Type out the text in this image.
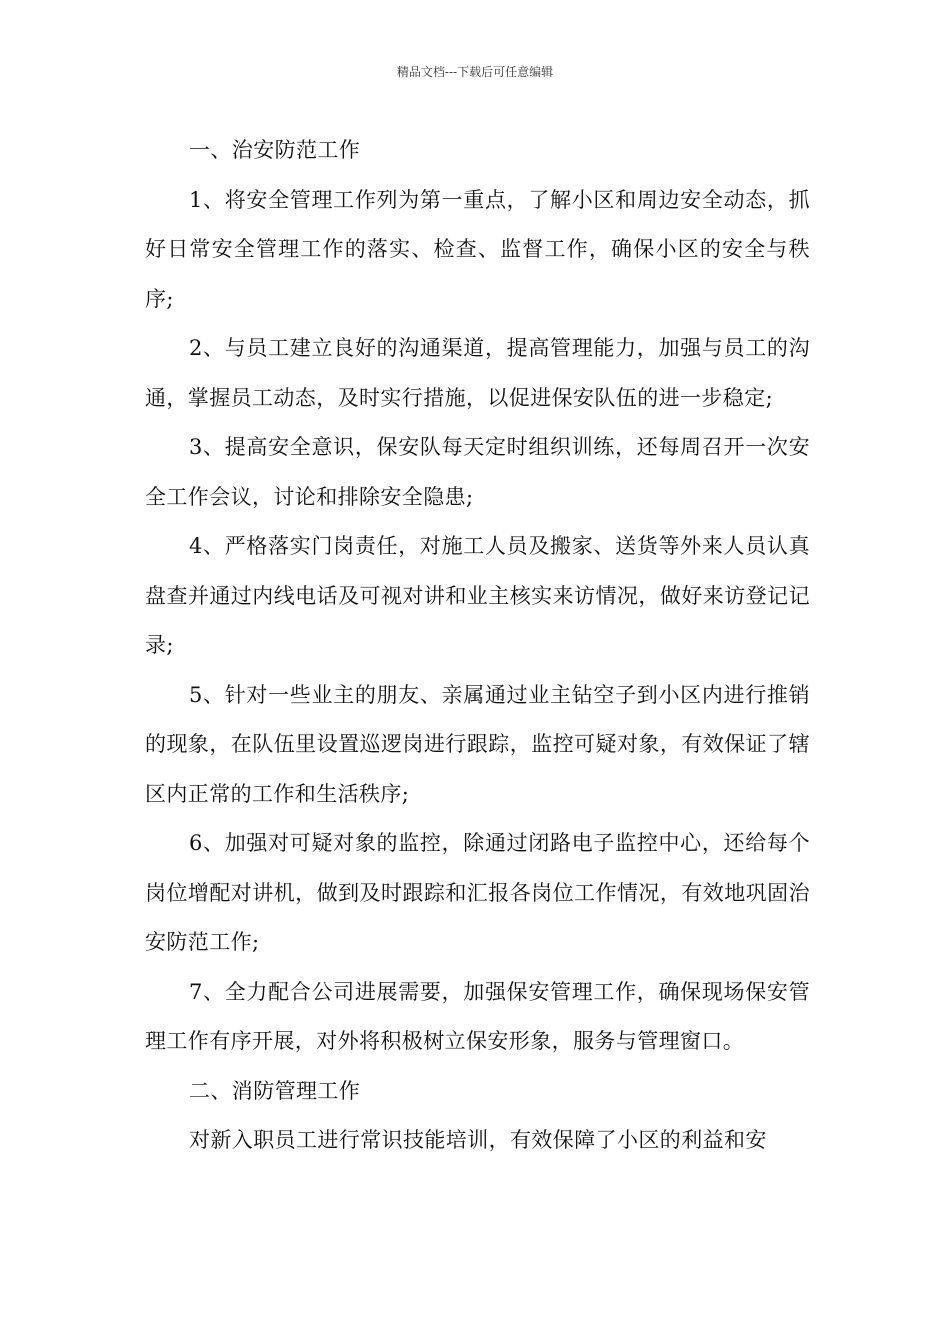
精品文档---下载后可任意编辑

一、治安防范工作

1、将安全管理工作列为第一重点，了解小区和周边安全动态，抓好日常安全管理工作的落实、检查、监督工作，确保小区的安全与秩序;

2、与员工建立良好的沟通渠道，提高管理能力，加强与员工的沟通，掌握员工动态，及时实行措施，以促进保安队伍的进一步稳定;

3、提高安全意识，保安队每天定时组织训练，还每周召开一次安全工作会议，讨论和排除安全隐患;

4、严格落实门岗责任，对施工人员及搬家、送货等外来人员认真盘查并通过内线电话及可视对讲和业主核实来访情况，做好来访登记记录;

5、针对一些业主的朋友、亲属通过业主钻空子到小区内进行推销的现象，在队伍里设置巡逻岗进行跟踪，监控可疑对象，有效保证了辖区内正常的工作和生活秩序;

6、加强对可疑对象的监控，除通过闭路电子监控中心，还给每个岗位增配对讲机，做到及时跟踪和汇报各岗位工作情况，有效地巩固治安防范工作;

7、全力配合公司进展需要，加强保安管理工作，确保现场保安管理工作有序开展，对外将积极树立保安形象，服务与管理窗口。

二、消防管理工作

对新入职员工进行常识技能培训，有效保障了小区的利益和安
